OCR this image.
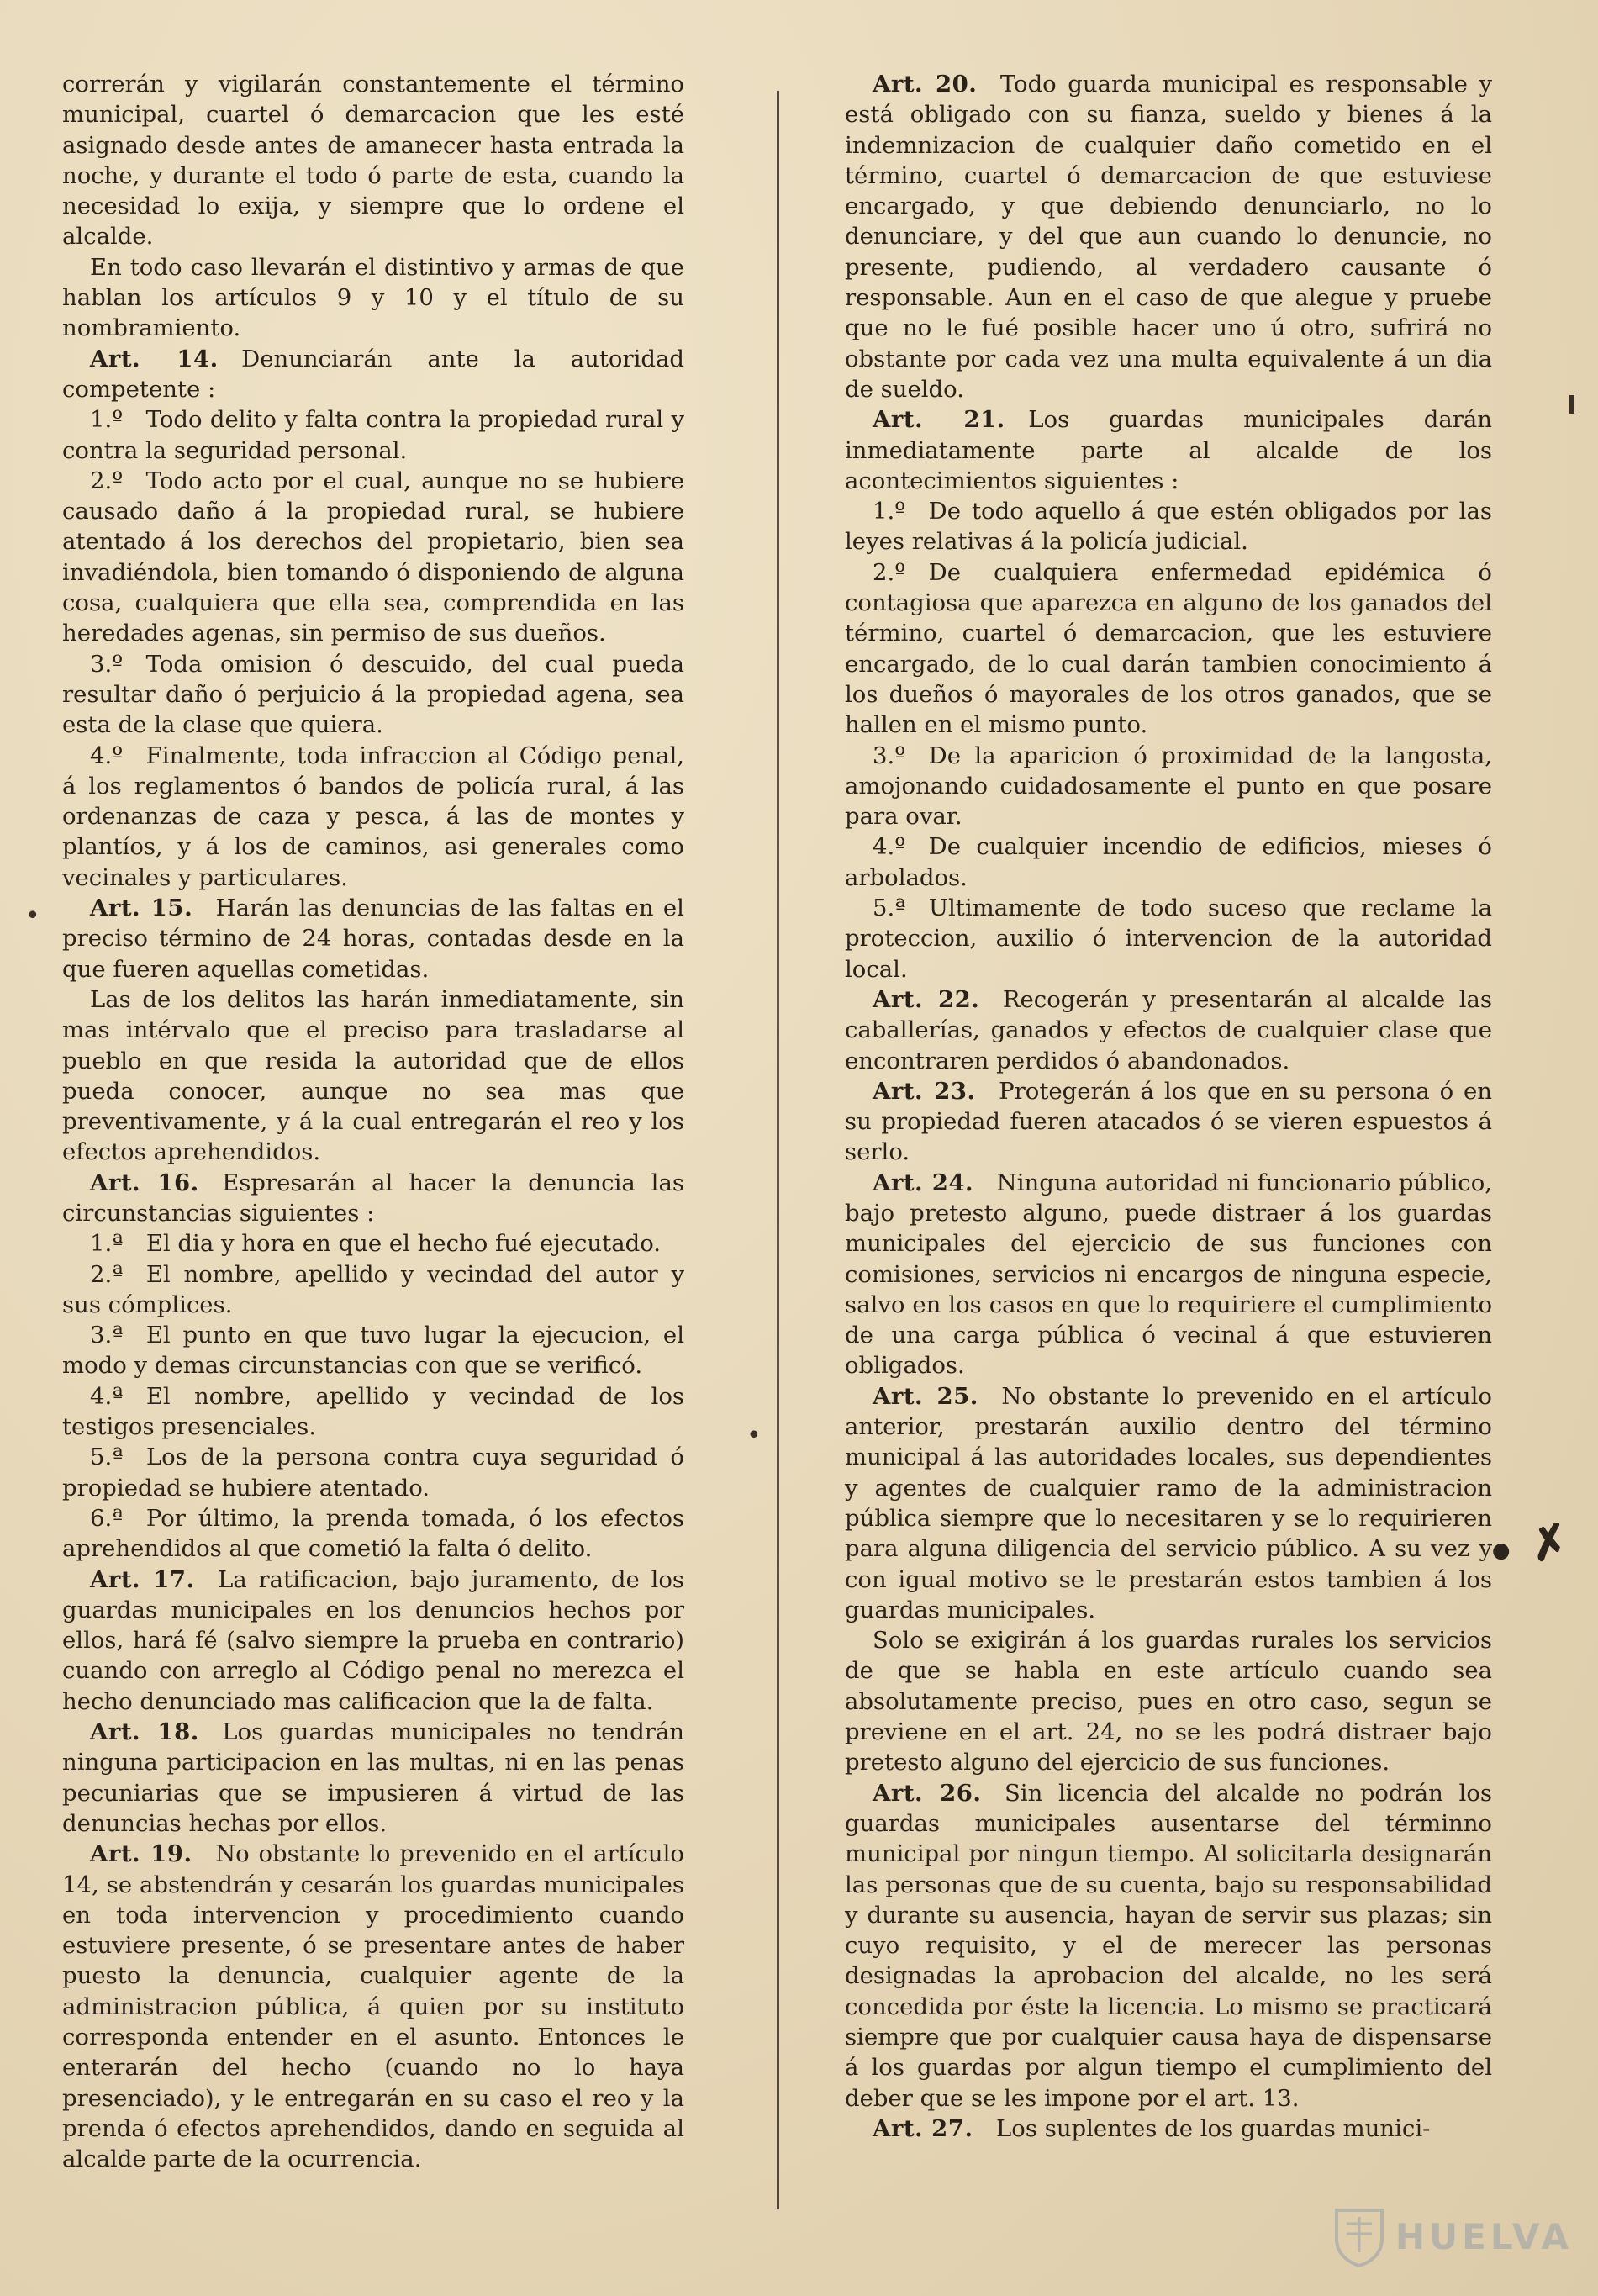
correrán y vigilarán constantemente el término municipal, cuartel ó demarcacion que les esté asignado desde antes de amanecer hasta entrada la noche, y durante el todo ó parte de esta, cuando la necesidad lo exija, y siempre que lo ordene el alcalde.

En todo caso llevarán el distintivo y armas de que hablan los artículos 9 y 10 y el título de su nombramiento.

Art. 14.  Denunciarán ante la autoridad competente :

1.º  Todo delito y falta contra la propiedad rural y contra la seguridad personal.

2.º  Todo acto por el cual, aunque no se hubiere causado daño á la propiedad rural, se hubiere atentado á los derechos del propietario, bien sea invadiéndola, bien tomando ó disponiendo de alguna cosa, cualquiera que ella sea, comprendida en las heredades agenas, sin permiso de sus dueños.

3.º  Toda omision ó descuido, del cual pueda resultar daño ó perjuicio á la propiedad agena, sea esta de la clase que quiera.

4.º  Finalmente, toda infraccion al Código penal, á los reglamentos ó bandos de policía rural, á las ordenanzas de caza y pesca, á las de montes y plantíos, y á los de caminos, asi generales como vecinales y particulares.

Art. 15.  Harán las denuncias de las faltas en el preciso término de 24 horas, contadas desde en la que fueren aquellas cometidas.

Las de los delitos las harán inmediatamente, sin mas intérvalo que el preciso para trasladarse al pueblo en que resida la autoridad que de ellos pueda conocer, aunque no sea mas que preventivamente, y á la cual entregarán el reo y los efectos aprehendidos.

Art. 16.  Espresarán al hacer la denuncia las circunstancias siguientes :

1.ª  El dia y hora en que el hecho fué ejecutado.

2.ª  El nombre, apellido y vecindad del autor y sus cómplices.

3.ª  El punto en que tuvo lugar la ejecucion, el modo y demas circunstancias con que se verificó.

4.ª  El nombre, apellido y vecindad de los testigos presenciales.

5.ª  Los de la persona contra cuya seguridad ó propiedad se hubiere atentado.

6.ª  Por último, la prenda tomada, ó los efectos aprehendidos al que cometió la falta ó delito.

Art. 17.  La ratificacion, bajo juramento, de los guardas municipales en los denuncios hechos por ellos, hará fé (salvo siempre la prueba en contrario) cuando con arreglo al Código penal no merezca el hecho denunciado mas calificacion que la de falta.

Art. 18.  Los guardas municipales no tendrán ninguna participacion en las multas, ni en las penas pecuniarias que se impusieren á virtud de las denuncias hechas por ellos.

Art. 19.  No obstante lo prevenido en el artículo 14, se abstendrán y cesarán los guardas municipales en toda intervencion y procedimiento cuando estuviere presente, ó se presentare antes de haber puesto la denuncia, cualquier agente de la administracion pública, á quien por su instituto corresponda entender en el asunto. Entonces le enterarán del hecho (cuando no lo haya presenciado), y le entregarán en su caso el reo y la prenda ó efectos aprehendidos, dando en seguida al alcalde parte de la ocurrencia.

Art. 20.  Todo guarda municipal es responsable y está obligado con su fianza, sueldo y bienes á la indemnizacion de cualquier daño cometido en el término, cuartel ó demarcacion de que estuviese encargado, y que debiendo denunciarlo, no lo denunciare, y del que aun cuando lo denuncie, no presente, pudiendo, al verdadero causante ó responsable. Aun en el caso de que alegue y pruebe que no le fué posible hacer uno ú otro, sufrirá no obstante por cada vez una multa equivalente á un dia de sueldo.

Art. 21.  Los guardas municipales darán inmediatamente parte al alcalde de los acontecimientos siguientes :

1.º  De todo aquello á que estén obligados por las leyes relativas á la policía judicial.

2.º  De cualquiera enfermedad epidémica ó contagiosa que aparezca en alguno de los ganados del término, cuartel ó demarcacion, que les estuviere encargado, de lo cual darán tambien conocimiento á los dueños ó mayorales de los otros ganados, que se hallen en el mismo punto.

3.º  De la aparicion ó proximidad de la langosta, amojonando cuidadosamente el punto en que posare para ovar.

4.º  De cualquier incendio de edificios, mieses ó arbolados.

5.ª  Ultimamente de todo suceso que reclame la proteccion, auxilio ó intervencion de la autoridad local.

Art. 22.  Recogerán y presentarán al alcalde las caballerías, ganados y efectos de cualquier clase que encontraren perdidos ó abandonados.

Art. 23.  Protegerán á los que en su persona ó en su propiedad fueren atacados ó se vieren espuestos á serlo.

Art. 24.  Ninguna autoridad ni funcionario público, bajo pretesto alguno, puede distraer á los guardas municipales del ejercicio de sus funciones con comisiones, servicios ni encargos de ninguna especie, salvo en los casos en que lo requiriere el cumplimiento de una carga pública ó vecinal á que estuvieren obligados.

Art. 25.  No obstante lo prevenido en el artículo anterior, prestarán auxilio dentro del término municipal á las autoridades locales, sus dependientes y agentes de cualquier ramo de la administracion pública siempre que lo necesitaren y se lo requirieren para alguna diligencia del servicio público. A su vez y con igual motivo se le prestarán estos tambien á los guardas municipales.

Solo se exigirán á los guardas rurales los servicios de que se habla en este artículo cuando sea absolutamente preciso, pues en otro caso, segun se previene en el art. 24, no se les podrá distraer bajo pretesto alguno del ejercicio de sus funciones.

Art. 26.  Sin licencia del alcalde no podrán los guardas municipales ausentarse del términno municipal por ningun tiempo. Al solicitarla designarán las personas que de su cuenta, bajo su responsabilidad y durante su ausencia, hayan de servir sus plazas; sin cuyo requisito, y el de merecer las personas designadas la aprobacion del alcalde, no les será concedida por éste la licencia. Lo mismo se practicará siempre que por cualquier causa haya de dispensarse á los guardas por algun tiempo el cumplimiento del deber que se les impone por el art. 13.

Art. 27.  Los suplentes de los guardas munici-

•
•
• ✗
HUELVA
